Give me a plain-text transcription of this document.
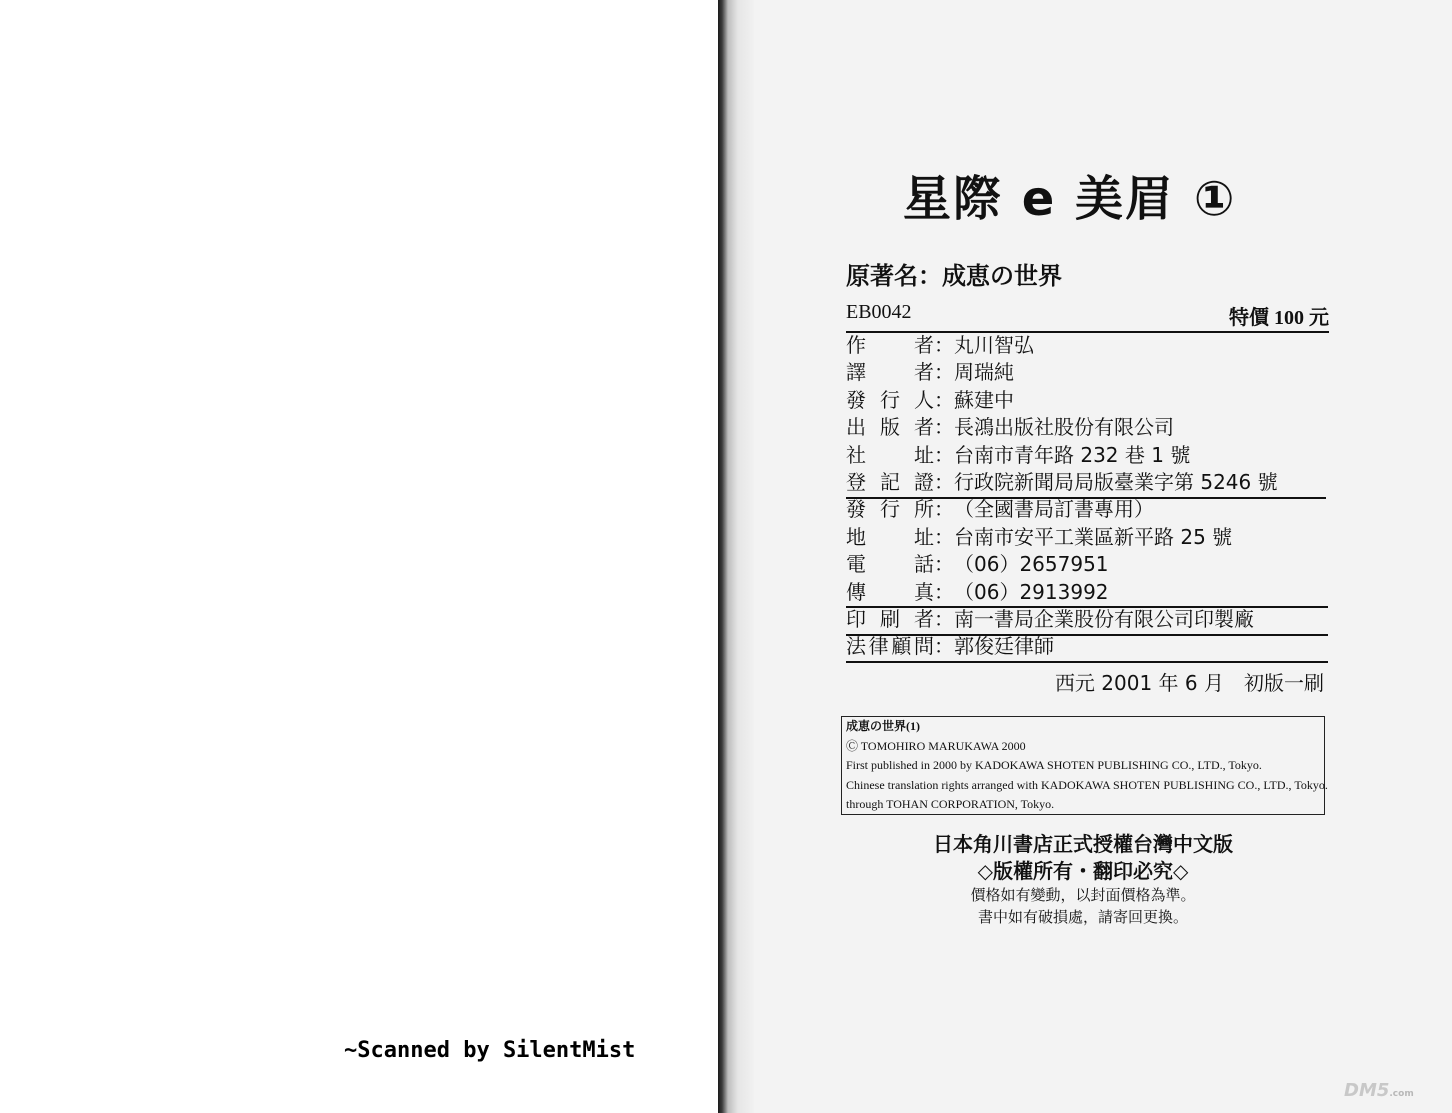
~Scanned by SilentMist
星際 e 美眉 ①
原著名：成恵の世界
EB0042	特價 100 元
作者：丸川智弘
譯者：周瑞純
發行人：蘇建中
出版者：長鴻出版社股份有限公司
社址：台南市青年路 232 巷 1 號
登記證：行政院新聞局局版臺業字第 5246 號
發行所：（全國書局訂書專用）
地址：台南市安平工業區新平路 25 號
電話：（06）2657951
傳真：（06）2913992
印刷者：南一書局企業股份有限公司印製廠
法律顧問：郭俊廷律師
西元 2001 年 6 月　初版一刷
成恵の世界(1)
Ⓒ TOMOHIRO MARUKAWA 2000
First published in 2000 by KADOKAWA SHOTEN PUBLISHING CO., LTD., Tokyo.
Chinese translation rights arranged with KADOKAWA SHOTEN PUBLISHING CO., LTD., Tokyo.
through TOHAN CORPORATION, Tokyo.
日本角川書店正式授權台灣中文版
◇版權所有・翻印必究◇
價格如有變動，以封面價格為準。
書中如有破損處，請寄回更換。
DM5.com
